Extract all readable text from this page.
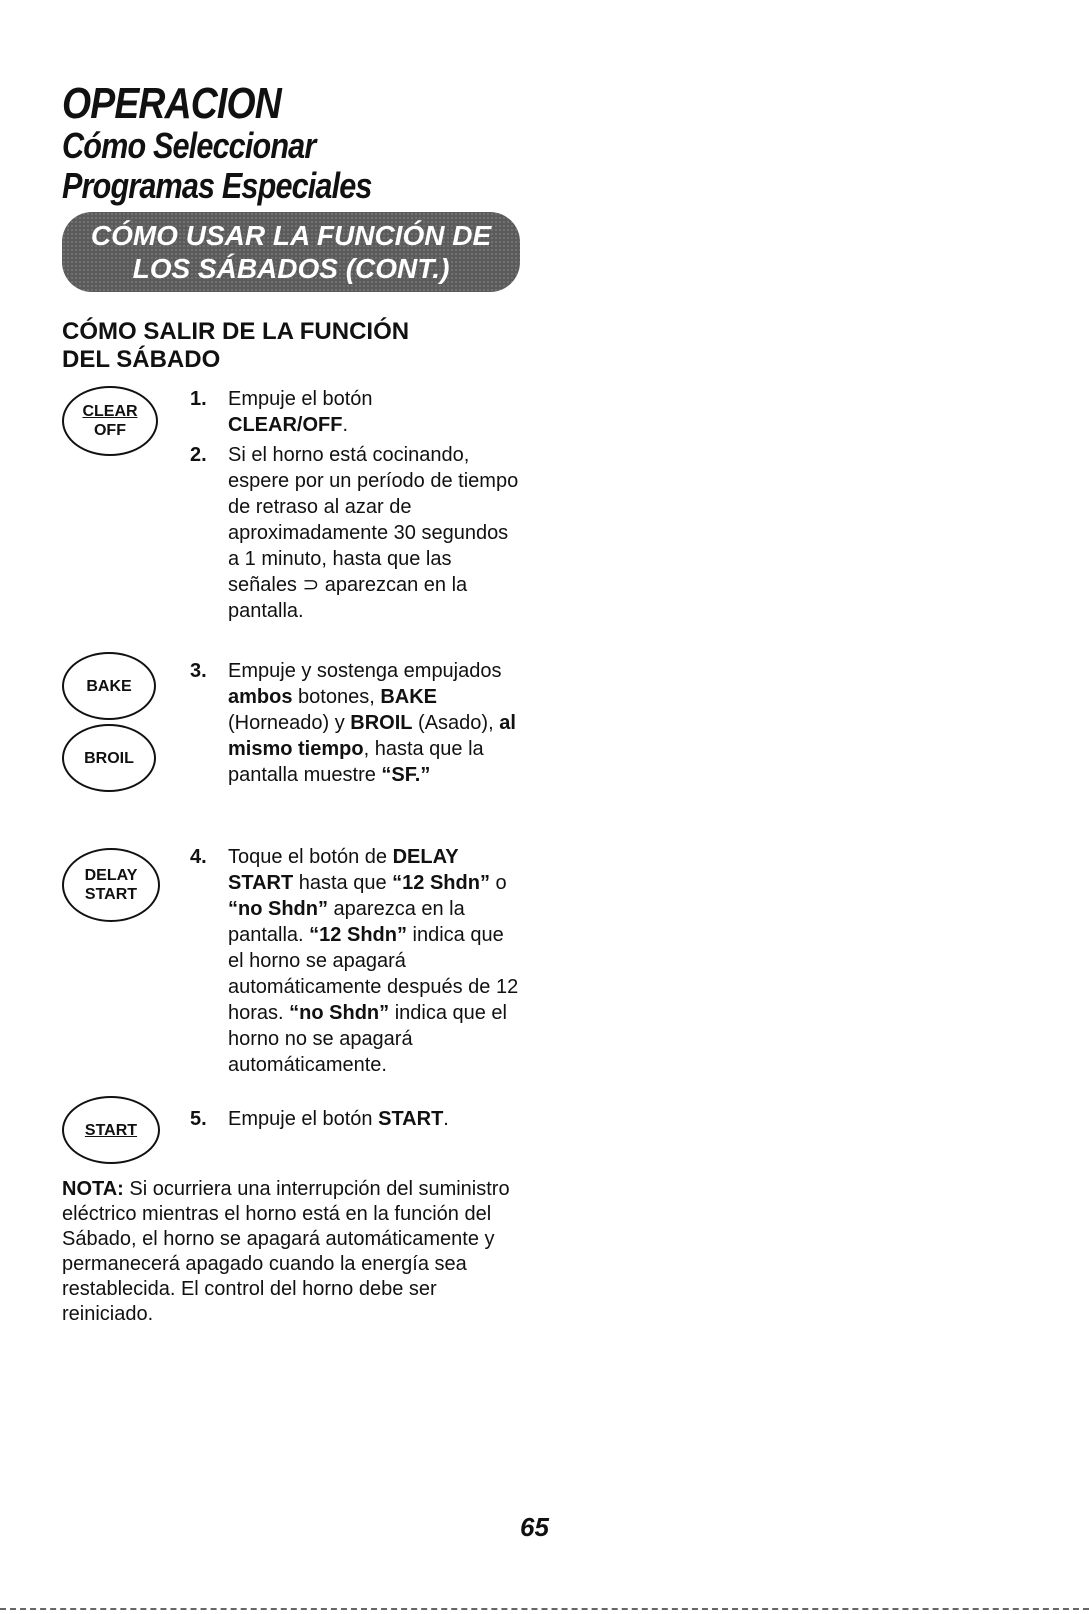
OPERACION
Cómo Seleccionar
Programas Especiales
CÓMO USAR LA FUNCIÓN DE
LOS SÁBADOS (CONT.)
CÓMO SALIR DE LA FUNCIÓN
DEL SÁBADO
CLEAR
OFF
BAKE
BROIL
DELAY
START
START
1. Empuje el botón
CLEAR/OFF.
2. Si el horno está cocinando, espere por un período de tiempo de retraso al azar de aproximadamente 30 segundos a 1 minuto, hasta que las señales ⊃ aparezcan en la pantalla.
3. Empuje y sostenga empujados ambos botones, BAKE (Horneado) y BROIL (Asado), al mismo tiempo, hasta que la pantalla muestre “SF.”
4. Toque el botón de DELAY START hasta que “12 Shdn” o “no Shdn” aparezca en la pantalla. “12 Shdn” indica que el horno se apagará automáticamente después de 12 horas. “no Shdn” indica que el horno no se apagará automáticamente.
5. Empuje el botón START.
NOTA: Si ocurriera una interrupción del suministro eléctrico mientras el horno está en la función del Sábado, el horno se apagará automáticamente y permanecerá apagado cuando la energía sea restablecida. El control del horno debe ser reiniciado.
65
